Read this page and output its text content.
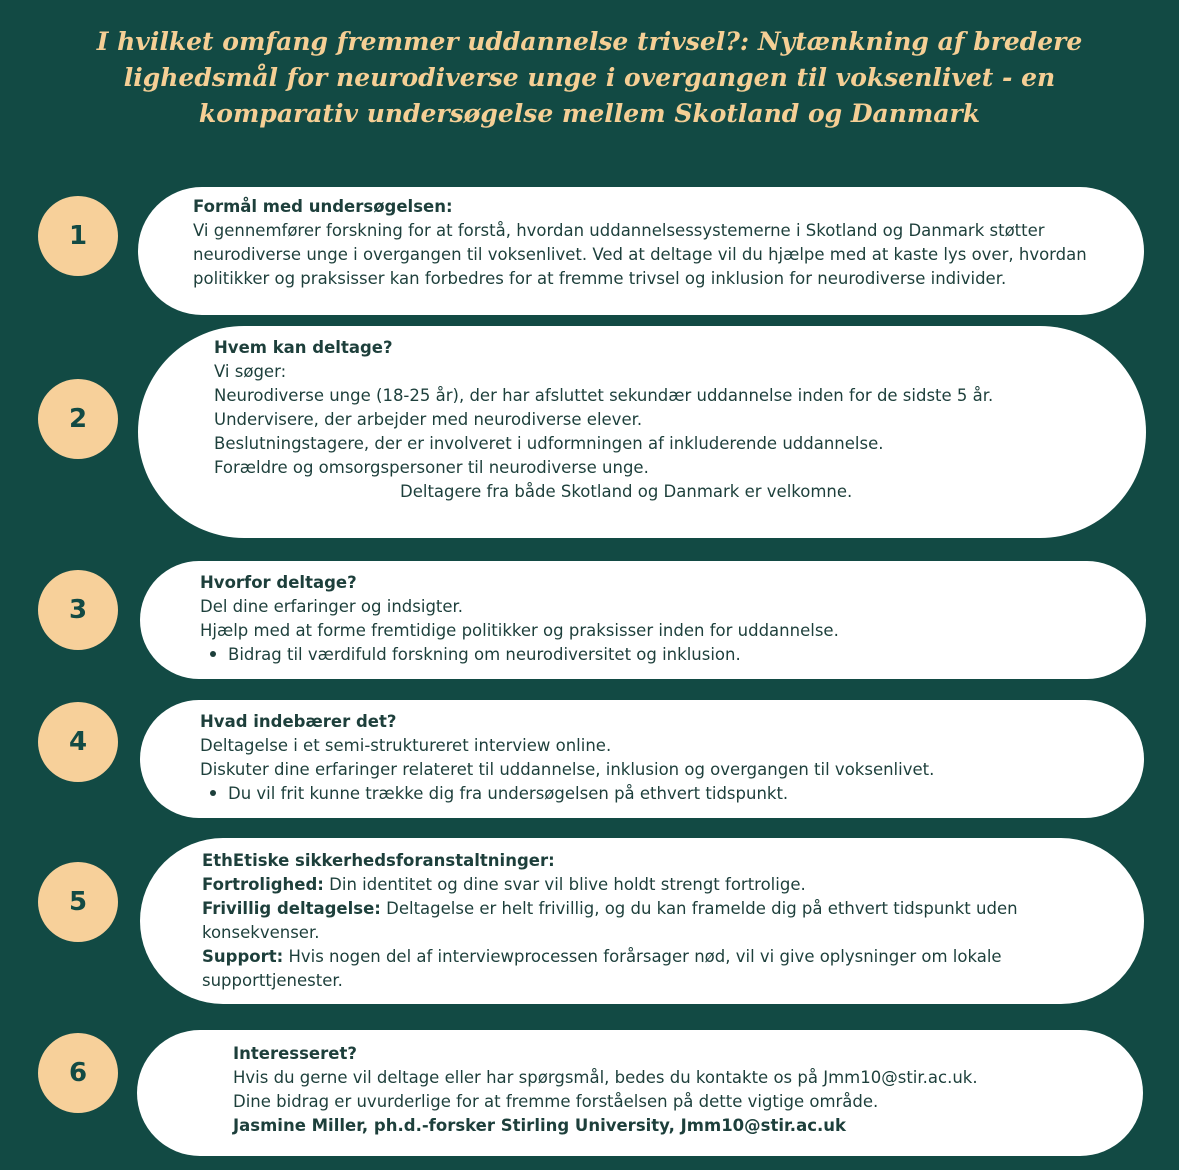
I hvilket omfang fremmer uddannelse trivsel?: Nytænkning af bredere lighedsmål for neurodiverse unge i overgangen til voksenlivet - en komparativ undersøgelse mellem Skotland og Danmark
1
Formål med undersøgelsen:
Vi gennemfører forskning for at forstå, hvordan uddannelsessystemerne i Skotland og Danmark støtter neurodiverse unge i overgangen til voksenlivet. Ved at deltage vil du hjælpe med at kaste lys over, hvordan politikker og praksisser kan forbedres for at fremme trivsel og inklusion for neurodiverse individer.
2
Hvem kan deltage?
Vi søger:
Neurodiverse unge (18-25 år), der har afsluttet sekundær uddannelse inden for de sidste 5 år.
Undervisere, der arbejder med neurodiverse elever.
Beslutningstagere, der er involveret i udformningen af inkluderende uddannelse.
Forældre og omsorgspersoner til neurodiverse unge.
Deltagere fra både Skotland og Danmark er velkomne.
3
Hvorfor deltage?
Del dine erfaringer og indsigter.
Hjælp med at forme fremtidige politikker og praksisser inden for uddannelse.
Bidrag til værdifuld forskning om neurodiversitet og inklusion.
4
Hvad indebærer det?
Deltagelse i et semi-struktureret interview online.
Diskuter dine erfaringer relateret til uddannelse, inklusion og overgangen til voksenlivet.
Du vil frit kunne trække dig fra undersøgelsen på ethvert tidspunkt.
5
EthEtiske sikkerhedsforanstaltninger:
Fortrolighed: Din identitet og dine svar vil blive holdt strengt fortrolige.
Frivillig deltagelse: Deltagelse er helt frivillig, og du kan framelde dig på ethvert tidspunkt uden konsekvenser.
Support: Hvis nogen del af interviewprocessen forårsager nød, vil vi give oplysninger om lokale supporttjenester.
6
Interesseret?
Hvis du gerne vil deltage eller har spørgsmål, bedes du kontakte os på Jmm10@stir.ac.uk.
Dine bidrag er uvurderlige for at fremme forståelsen på dette vigtige område.
Jasmine Miller, ph.d.-forsker Stirling University, Jmm10@stir.ac.uk
